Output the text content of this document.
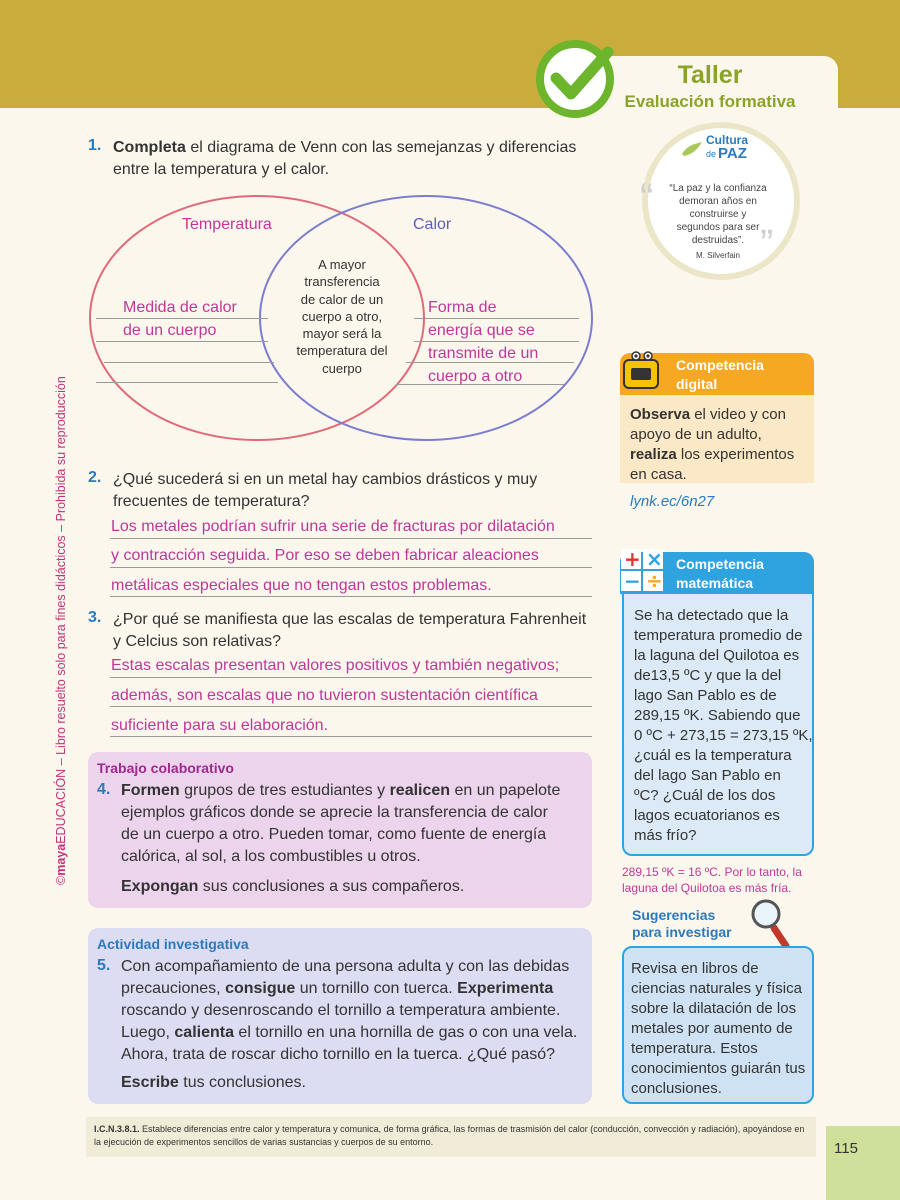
Taller
Evaluación formativa
©mayaEDUCACIÓN – Libro resuelto solo para fines didácticos – Prohibida su reproducción
1. Completa el diagrama de Venn con las semejanzas y diferencias entre la temperatura y el calor.
Temperatura	Calor
Medida de calor
de un cuerpo
Forma de
energía que se
transmite de un
cuerpo a otro
A mayor
transferencia
de calor de un
cuerpo a otro,
mayor será la
temperatura del
cuerpo
2. ¿Qué sucederá si en un metal hay cambios drásticos y muy frecuentes de temperatura?
Los metales podrían sufrir una serie de fracturas por dilatación
y contracción seguida. Por eso se deben fabricar aleaciones
metálicas especiales que no tengan estos problemas.
3. ¿Por qué se manifiesta que las escalas de temperatura Fahrenheit y Celcius son relativas?
Estas escalas presentan valores positivos y también negativos;
además, son escalas que no tuvieron sustentación científica
suficiente para su elaboración.
Trabajo colaborativo
4. Formen grupos de tres estudiantes y realicen en un papelote ejemplos gráficos donde se aprecie la transferencia de calor de un cuerpo a otro. Pueden tomar, como fuente de energía calórica, al sol, a los combustibles u otros.
Expongan sus conclusiones a sus compañeros.
Actividad investigativa
5. Con acompañamiento de una persona adulta y con las debidas precauciones, consigue un tornillo con tuerca. Experimenta roscando y desenroscando el tornillo a temperatura ambiente. Luego, calienta el tornillo en una hornilla de gas o con una vela. Ahora, trata de roscar dicho tornillo en la tuerca. ¿Qué pasó?
Escribe tus conclusiones.
Cultura
de PAZ
“
”
“La paz y la confianza demoran años en construirse y segundos para ser destruidas”.
M. Silverfain
Competencia
digital
Observa el video y con apoyo de un adulto, realiza los experimentos en casa.
lynk.ec/6n27
Competencia
matemática
+ ×
− ÷
Se ha detectado que la temperatura promedio de la laguna del Quilotoa es de13,5 ºC y que la del lago San Pablo es de 289,15 ºK. Sabiendo que
0 ºC + 273,15 = 273,15 ºK,
¿cuál es la temperatura del lago San Pablo en ºC? ¿Cuál de los dos lagos ecuatorianos es más frío?
289,15 ºK = 16 ºC. Por lo tanto, la
laguna del Quilotoa es más fría.
Sugerencias
para investigar
Revisa en libros de ciencias naturales y física sobre la dilatación de los metales por aumento de temperatura. Estos conocimientos guiarán tus conclusiones.
I.C.N.3.8.1. Establece diferencias entre calor y temperatura y comunica, de forma gráfica, las formas de trasmisión del calor (conducción, convección y radiación), apoyándose en la ejecución de experimentos sencillos de varias sustancias y cuerpos de su entorno.	115
